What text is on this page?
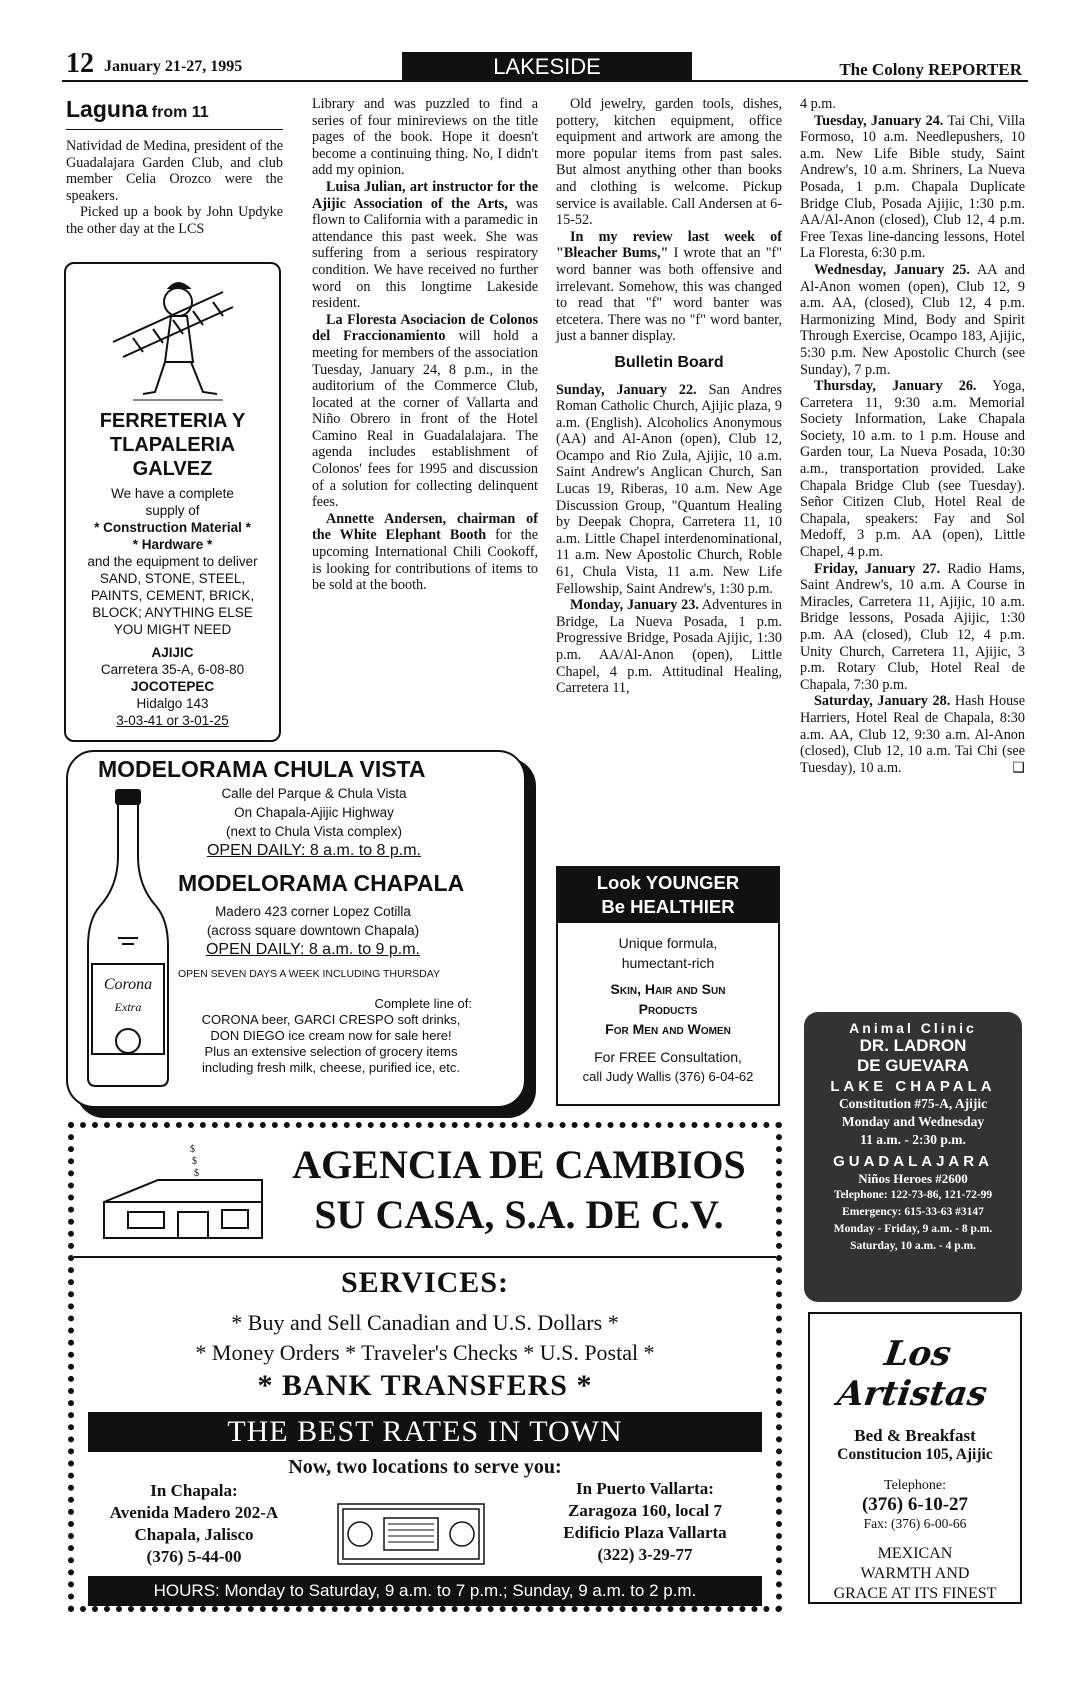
12 January 21-27, 1995	LAKESIDE	The Colony REPORTER
Laguna from 11

Natividad de Medina, president of the Guadalajara Garden Club, and club member Celia Orozco were the speakers.

Picked up a book by John Updyke the other day at the LCS

FERRETERIA Y
TLAPALERIA
GALVEZ
We have a complete
supply of
* Construction Material *
* Hardware *
and the equipment to deliver
SAND, STONE, STEEL,
PAINTS, CEMENT, BRICK,
BLOCK; ANYTHING ELSE
YOU MIGHT NEED
AJIJIC
Carretera 35-A, 6-08-80
JOCOTEPEC
Hidalgo 143
3-03-41 or 3-01-25

Library and was puzzled to find a series of four minireviews on the title pages of the book. Hope it doesn't become a continuing thing. No, I didn't add my opinion.

Luisa Julian, art instructor for the Ajijic Association of the Arts, was flown to California with a paramedic in attendance this past week. She was suffering from a serious respiratory condition. We have received no further word on this longtime Lakeside resident.

La Floresta Asociacion de Colonos del Fraccionamiento will hold a meeting for members of the association Tuesday, January 24, 8 p.m., in the auditorium of the Commerce Club, located at the corner of Vallarta and Niño Obrero in front of the Hotel Camino Real in Guadalalajara. The agenda includes establishment of Colonos' fees for 1995 and discussion of a solution for collecting delinquent fees.

Annette Andersen, chairman of the White Elephant Booth for the upcoming International Chili Cookoff, is looking for contributions of items to be sold at the booth.

Old jewelry, garden tools, dishes, pottery, kitchen equipment, office equipment and artwork are among the more popular items from past sales. But almost anything other than books and clothing is welcome. Pickup service is available. Call Andersen at 6-15-52.

In my review last week of "Bleacher Bums," I wrote that an "f" word banner was both offensive and irrelevant. Somehow, this was changed to read that "f" word banter was etcetera. There was no "f" word banter, just a banner display.

Bulletin Board

Sunday, January 22. San Andres Roman Catholic Church, Ajijic plaza, 9 a.m. (English). Alcoholics Anonymous (AA) and Al-Anon (open), Club 12, Ocampo and Rio Zula, Ajijic, 10 a.m. Saint Andrew's Anglican Church, San Lucas 19, Riberas, 10 a.m. New Age Discussion Group, "Quantum Healing by Deepak Chopra, Carretera 11, 10 a.m. Little Chapel interdenominational, 11 a.m. New Apostolic Church, Roble 61, Chula Vista, 11 a.m. New Life Fellowship, Saint Andrew's, 1:30 p.m.

Monday, January 23. Adventures in Bridge, La Nueva Posada, 1 p.m. Progressive Bridge, Posada Ajijic, 1:30 p.m. AA/Al-Anon (open), Little Chapel, 4 p.m. Attitudinal Healing, Carretera 11,

4 p.m.

Tuesday, January 24. Tai Chi, Villa Formoso, 10 a.m. Needlepushers, 10 a.m. New Life Bible study, Saint Andrew's, 10 a.m. Shriners, La Nueva Posada, 1 p.m. Chapala Duplicate Bridge Club, Posada Ajijic, 1:30 p.m. AA/Al-Anon (closed), Club 12, 4 p.m. Free Texas line-dancing lessons, Hotel La Floresta, 6:30 p.m.

Wednesday, January 25. AA and Al-Anon women (open), Club 12, 9 a.m. AA, (closed), Club 12, 4 p.m. Harmonizing Mind, Body and Spirit Through Exercise, Ocampo 183, Ajijic, 5:30 p.m. New Apostolic Church (see Sunday), 7 p.m.

Thursday, January 26. Yoga, Carretera 11, 9:30 a.m. Memorial Society Information, Lake Chapala Society, 10 a.m. to 1 p.m. House and Garden tour, La Nueva Posada, 10:30 a.m., transportation provided. Lake Chapala Bridge Club (see Tuesday). Señor Citizen Club, Hotel Real de Chapala, speakers: Fay and Sol Medoff, 3 p.m. AA (open), Little Chapel, 4 p.m.

Friday, January 27. Radio Hams, Saint Andrew's, 10 a.m. A Course in Miracles, Carretera 11, Ajijic, 10 a.m. Bridge lessons, Posada Ajijic, 1:30 p.m. AA (closed), Club 12, 4 p.m. Unity Church, Carretera 11, Ajijic, 3 p.m. Rotary Club, Hotel Real de Chapala, 7:30 p.m.

Saturday, January 28. Hash House Harriers, Hotel Real de Chapala, 8:30 a.m. AA, Club 12, 9:30 a.m. Al-Anon (closed), Club 12, 10 a.m. Tai Chi (see Tuesday), 10 a.m.	❑

MODELORAMA CHULA VISTA
Corona
Extra
Calle del Parque & Chula Vista
On Chapala-Ajijic Highway
(next to Chula Vista complex)
OPEN DAILY: 8 a.m. to 8 p.m.
MODELORAMA CHAPALA
Madero 423 corner Lopez Cotilla
(across square downtown Chapala)
OPEN DAILY: 8 a.m. to 9 p.m.
OPEN SEVEN DAYS A WEEK INCLUDING THURSDAY
Complete line of:
CORONA beer, GARCI CRESPO soft drinks,
DON DIEGO ice cream now for sale here!
Plus an extensive selection of grocery items
including fresh milk, cheese, purified ice, etc.
Look YOUNGER
Be HEALTHIER
Unique formula,
humectant-rich
Skin, Hair and Sun
Products
For Men and Women
For FREE Consultation,
call Judy Wallis (376) 6-04-62
Animal Clinic
DR. LADRON
DE GUEVARA
LAKE CHAPALA
Constitution #75-A, Ajijic
Monday and Wednesday
11 a.m. - 2:30 p.m.
GUADALAJARA
Niños Heroes #2600
Telephone: 122-73-86, 121-72-99
Emergency: 615-33-63 #3147
Monday - Friday, 9 a.m. - 8 p.m.
Saturday, 10 a.m. - 4 p.m.
Los Artistas
Bed & Breakfast
Constitucion 105, Ajijic
Telephone:
(376) 6-10-27
Fax: (376) 6-00-66
MEXICAN
WARMTH AND
GRACE AT ITS FINEST
$
$
$	AGENCIA DE CAMBIOS
SU CASA, S.A. DE C.V.
SERVICES:
* Buy and Sell Canadian and U.S. Dollars *
* Money Orders * Traveler's Checks * U.S. Postal *
* BANK TRANSFERS *
THE BEST RATES IN TOWN
Now, two locations to serve you:
In Chapala:
Avenida Madero 202-A
Chapala, Jalisco
(376) 5-44-00
In Puerto Vallarta:
Zaragoza 160, local 7
Edificio Plaza Vallarta
(322) 3-29-77
HOURS: Monday to Saturday, 9 a.m. to 7 p.m.; Sunday, 9 a.m. to 2 p.m.
